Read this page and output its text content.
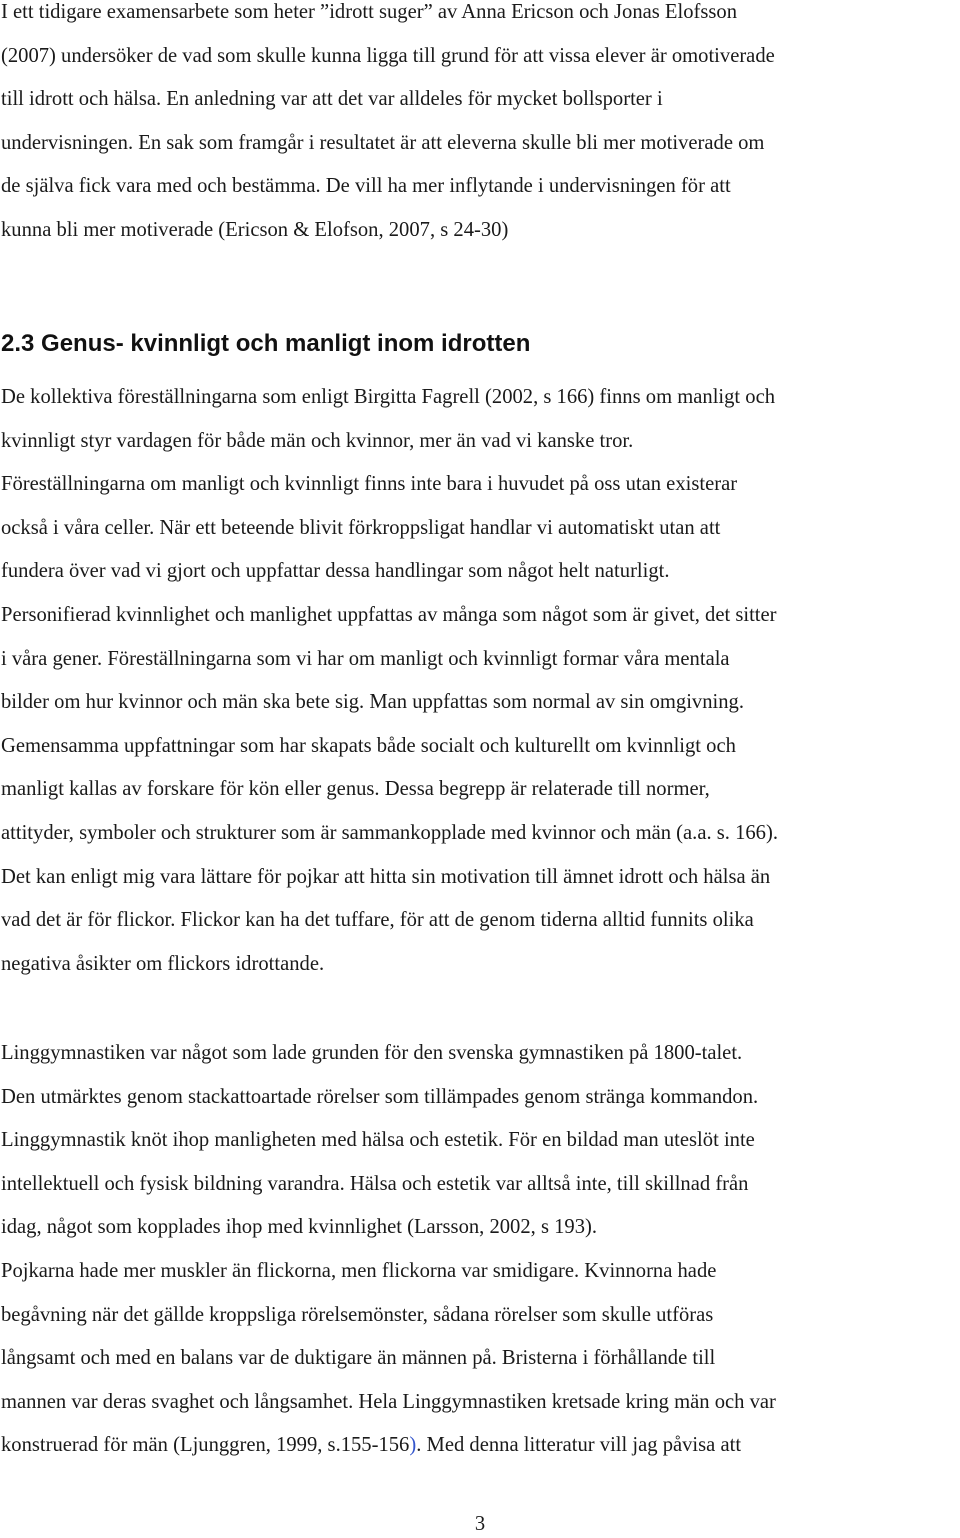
I ett tidigare examensarbete som heter ”idrott suger” av Anna Ericson och Jonas Elofsson
(2007) undersöker de vad som skulle kunna ligga till grund för att vissa elever är omotiverade
till idrott och hälsa. En anledning var att det var alldeles för mycket bollsporter i
undervisningen. En sak som framgår i resultatet är att eleverna skulle bli mer motiverade om
de själva fick vara med och bestämma. De vill ha mer inflytande i undervisningen för att
kunna bli mer motiverade (Ericson & Elofson, 2007, s 24-30)

2.3 Genus- kvinnligt och manligt inom idrotten

De kollektiva föreställningarna som enligt Birgitta Fagrell (2002, s 166) finns om manligt och
kvinnligt styr vardagen för både män och kvinnor, mer än vad vi kanske tror.
Föreställningarna om manligt och kvinnligt finns inte bara i huvudet på oss utan existerar
också i våra celler. När ett beteende blivit förkroppsligat handlar vi automatiskt utan att
fundera över vad vi gjort och uppfattar dessa handlingar som något helt naturligt.
Personifierad kvinnlighet och manlighet uppfattas av många som något som är givet, det sitter
i våra gener. Föreställningarna som vi har om manligt och kvinnligt formar våra mentala
bilder om hur kvinnor och män ska bete sig. Man uppfattas som normal av sin omgivning.
Gemensamma uppfattningar som har skapats både socialt och kulturellt om kvinnligt och
manligt kallas av forskare för kön eller genus. Dessa begrepp är relaterade till normer,
attityder, symboler och strukturer som är sammankopplade med kvinnor och män (a.a. s. 166).
Det kan enligt mig vara lättare för pojkar att hitta sin motivation till ämnet idrott och hälsa än
vad det är för flickor. Flickor kan ha det tuffare, för att de genom tiderna alltid funnits olika
negativa åsikter om flickors idrottande.

Linggymnastiken var något som lade grunden för den svenska gymnastiken på 1800-talet.
Den utmärktes genom stackattoartade rörelser som tillämpades genom stränga kommandon.
Linggymnastik knöt ihop manligheten med hälsa och estetik. För en bildad man uteslöt inte
intellektuell och fysisk bildning varandra. Hälsa och estetik var alltså inte, till skillnad från
idag, något som kopplades ihop med kvinnlighet (Larsson, 2002, s 193).
Pojkarna hade mer muskler än flickorna, men flickorna var smidigare. Kvinnorna hade
begåvning när det gällde kroppsliga rörelsemönster, sådana rörelser som skulle utföras
långsamt och med en balans var de duktigare än männen på. Bristerna i förhållande till
mannen var deras svaghet och långsamhet. Hela Linggymnastiken kretsade kring män och var
konstruerad för män (Ljunggren, 1999, s.155-156). Med denna litteratur vill jag påvisa att

3
